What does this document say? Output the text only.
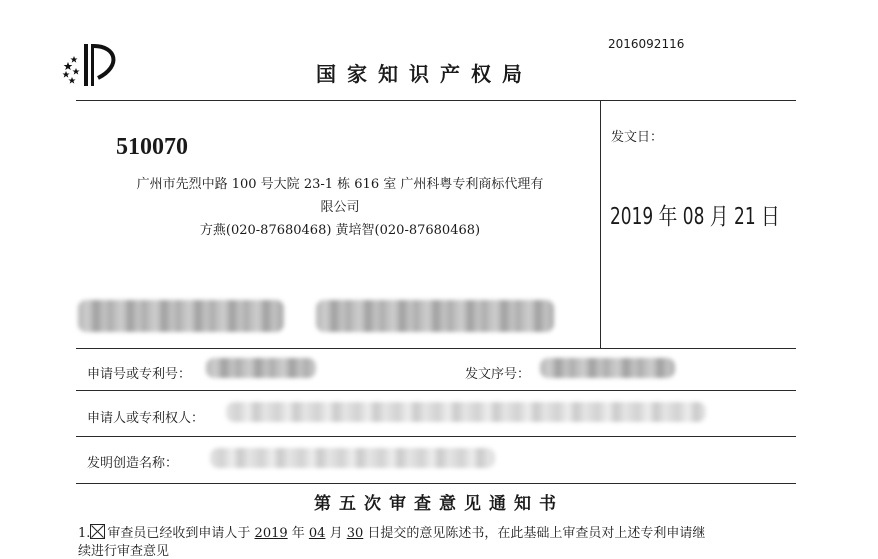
2016092116
国家知识产权局
510070
广州市先烈中路 100 号大院 23-1 栋 616 室 广州科粤专利商标代理有
限公司
方燕(020-87680468) 黄培智(020-87680468)
发文日：
2019 年 08 月 21 日
申请号或专利号：	发文序号：
申请人或专利权人：
发明创造名称：
第五次审查意见通知书
1. 审查员已经收到申请人于 2019 年 04 月 30 日提交的意见陈述书，在此基础上审查员对上述专利申请继
续进行审查意见
